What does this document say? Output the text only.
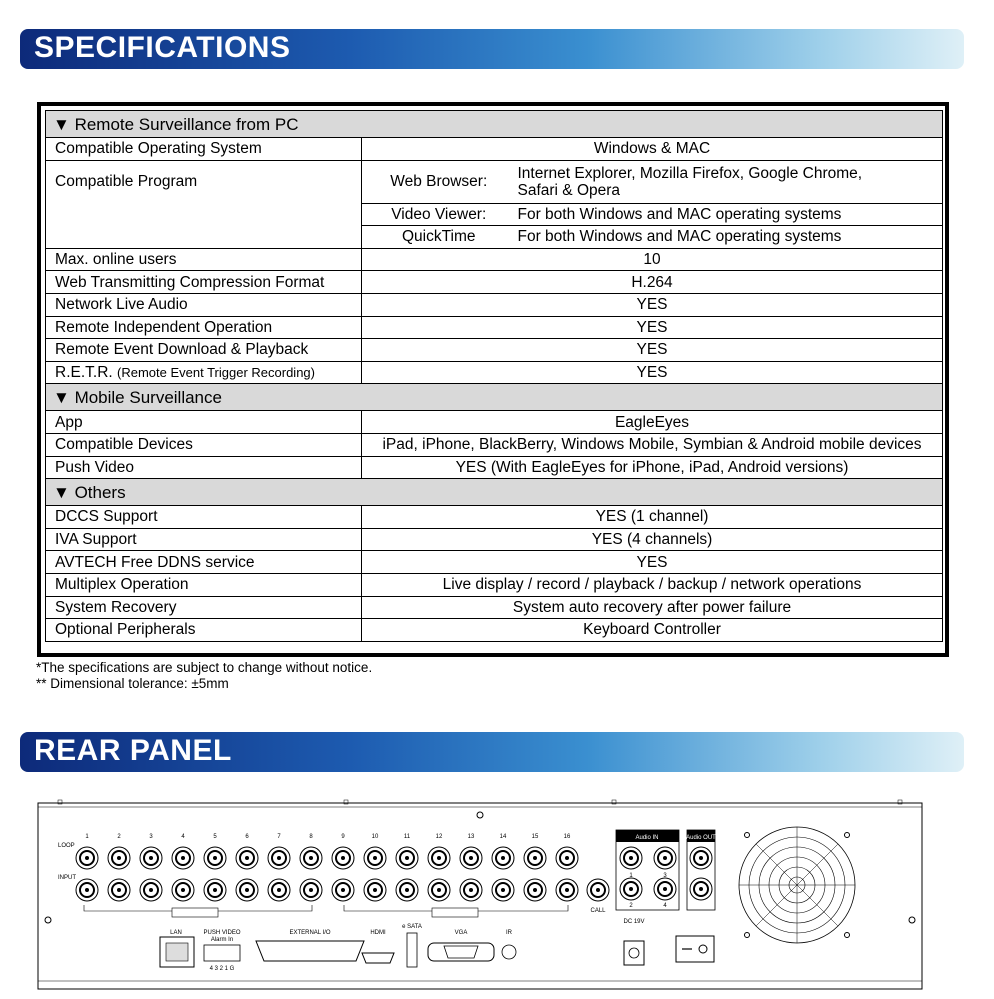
SPECIFICATIONS
▼ Remote Surveillance from PC		
Compatible Operating System	Windows & MAC	
Compatible Program	Web Browser:	Internet Explorer, Mozilla Firefox, Google Chrome,
Safari & Opera

	Video Viewer:	For both Windows and MAC operating systems
	QuickTime	For both Windows and MAC operating systems
Max. online users	10	
Web Transmitting Compression Format	H.264	
Network Live Audio	YES	
Remote Independent Operation	YES	
Remote Event Download & Playback	YES	
R.E.T.R. (Remote Event Trigger Recording)	YES	
▼ Mobile Surveillance		
App	EagleEyes	
Compatible Devices	iPad, iPhone, BlackBerry, Windows Mobile, Symbian & Android mobile devices	
Push Video	YES (With EagleEyes for iPhone, iPad, Android versions)	
▼ Others		
DCCS Support	YES (1 channel)	
IVA Support	YES (4 channels)	
AVTECH Free DDNS service	YES	
Multiplex Operation	Live display / record / playback / backup / network operations	
System Recovery	System auto recovery after power failure	
Optional Peripherals	Keyboard Controller	
*The specifications are subject to change without notice.
** Dimensional tolerance: ±5mm
REAR PANEL
LOOP
INPUT
1	2	3	4	5	6	7	8	9	10	11	12	13	14	15	16
CALL
Audio IN
1	3
2	4
Audio OUT
LAN	PUSH VIDEO
Alarm In
4 3 2 1 G
EXTERNAL I/O	HDMI
e SATA
VGA	IR
DC 19V
